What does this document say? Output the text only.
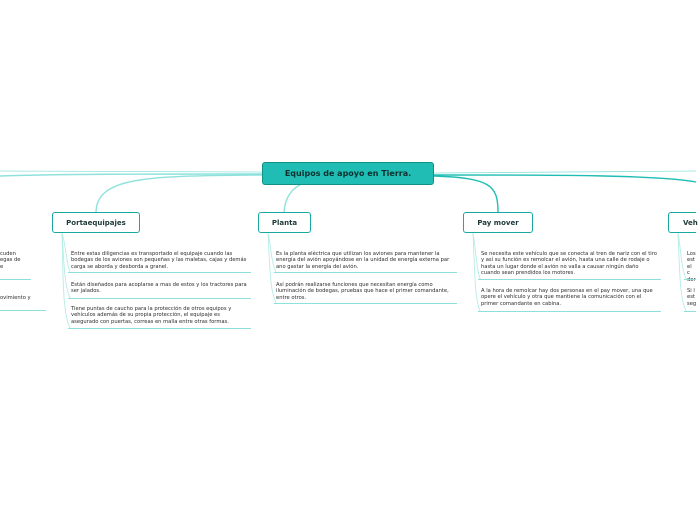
Equipos de apoyo en Tierra.
cuden
egas de
e
ovimiento y
Portaequipajes
Entre estas diligencias es transportado el equipaje cuando las bodegas de los aviones son pequeñas y las maletas, cajas y demás carga se aborda y desborda a granel.
Están diseñados para acoplarse a mas de estos y los tractores para ser jalados.
Tiene puntas de caucho para la protección de otros equipos y vehículos además de su propia protección, el equipaje es asegurado con puertas, correas en malla entre otras formas.
Planta
Es la planta eléctrica que utilizan los aviones para mantener la energía del avión apoyándose en la unidad de energía externa par ano gastar la energía del avión.
Así podrán realizarse funciones que necesitan energía como iluminación de bodegas, pruebas que hace el primer comandante, entre otros.
Pay mover
Se necesita este vehículo que se conecta al tren de nariz con el tiro y así su función es remolcar el avión, hasta una calle de rodaje o hasta un lugar donde el avión no valla a causar ningún daño cuando sean prendidos los motores.
A la hora de remolcar hay dos personas en el pay mover, una que opere el vehículo y otra que mantiene la comunicación con el primer comandante en cabina.
Veh
Los
est
el c
dor
Si l
est
seg
